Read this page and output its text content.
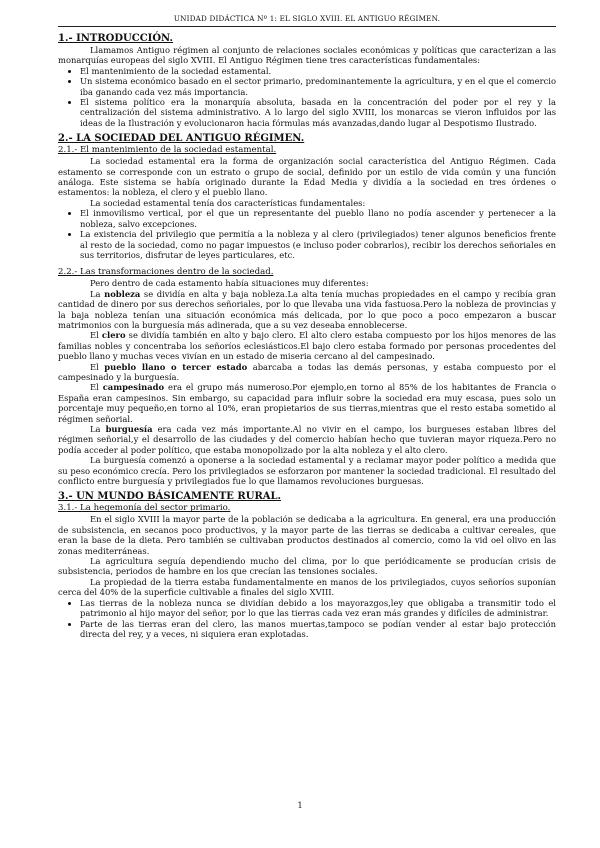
UNIDAD DIDÁCTICA Nº 1: EL SIGLO XVIII. EL ANTIGUO RÉGIMEN.
1.- INTRODUCCIÓN.

Llamamos Antiguo régimen al conjunto de relaciones sociales económicas y políticas que caracterizan a las monarquías europeas del siglo XVIII. El Antiguo Régimen tiene tres características fundamentales:

• El mantenimiento de la sociedad estamental.
• Un sistema económico basado en el sector primario, predominantemente la agricultura, y en el que el comercio iba ganando cada vez más importancia.
• El sistema político era la monarquía absoluta, basada en la concentración del poder por el rey y la centralización del sistema administrativo. A lo largo del siglo XVIII, los monarcas se vieron influidos por las ideas de la Ilustración y evolucionaron hacia fórmulas más avanzadas,dando lugar al Despotismo Ilustrado.
2.- LA SOCIEDAD DEL ANTIGUO RÉGIMEN.
2.1.- El mantenimiento de la sociedad estamental.

La sociedad estamental era la forma de organización social característica del Antiguo Régimen. Cada estamento se corresponde con un estrato o grupo de social, definido por un estilo de vida común y una función análoga. Este sistema se había originado durante la Edad Media y dividía a la sociedad en tres órdenes o estamentos: la nobleza, el clero y el pueblo llano.

La sociedad estamental tenía dos características fundamentales:

• El inmovilismo vertical, por el que un representante del pueblo llano no podía ascender y pertenecer a la nobleza, salvo excepciones.
• La existencia del privilegio que permitía a la nobleza y al clero (privilegiados) tener algunos beneficios frente al resto de la sociedad, como no pagar impuestos (e incluso poder cobrarlos), recibir los derechos señoriales en sus territorios, disfrutar de leyes particulares, etc.
2.2.- Las transformaciones dentro de la sociedad.

Pero dentro de cada estamento había situaciones muy diferentes:

La nobleza se dividía en alta y baja nobleza.La alta tenía muchas propiedades en el campo y recibía gran cantidad de dinero por sus derechos señoriales, por lo que llevaba una vida fastuosa.Pero la nobleza de provincias y la baja nobleza tenían una situación económica más delicada, por lo que poco a poco empezaron a buscar matrimonios con la burguesía más adinerada, que a su vez deseaba ennoblecerse.

El clero se dividía también en alto y bajo clero. El alto clero estaba compuesto por los hijos menores de las familias nobles y concentraba los señoríos eclesiásticos.El bajo clero estaba formado por personas procedentes del pueblo llano y muchas veces vivían en un estado de miseria cercano al del campesinado.

El pueblo llano o tercer estado abarcaba a todas las demás personas, y estaba compuesto por el campesinado y la burguesía.

El campesinado era el grupo más numeroso.Por ejemplo,en torno al 85% de los habitantes de Francia o España eran campesinos. Sin embargo, su capacidad para influir sobre la sociedad era muy escasa, pues solo un porcentaje muy pequeño,en torno al 10%, eran propietarios de sus tierras,mientras que el resto estaba sometido al régimen señorial.

La burguesía era cada vez más importante.Al no vivir en el campo, los burgueses estaban libres del régimen señorial,y el desarrollo de las ciudades y del comercio habían hecho que tuvieran mayor riqueza.Pero no podía acceder al poder político, que estaba monopolizado por la alta nobleza y el alto clero.

La burguesía comenzó a oponerse a la sociedad estamental y a reclamar mayor poder político a medida que su peso económico crecía. Pero los privilegiados se esforzaron por mantener la sociedad tradicional. El resultado del conflicto entre burguesía y privilegiados fue lo que llamamos revoluciones burguesas.

3.- UN MUNDO BÁSICAMENTE RURAL.
3.1.- La hegemonía del sector primario.

En el siglo XVIII la mayor parte de la población se dedicaba a la agricultura. En general, era una producción de subsistencia, en secanos poco productivos, y la mayor parte de las tierras se dedicaba a cultivar cereales, que eran la base de la dieta. Pero también se cultivaban productos destinados al comercio, como la vid oel olivo en las zonas mediterráneas.

La agricultura seguía dependiendo mucho del clima, por lo que periódicamente se producían crisis de subsistencia, periodos de hambre en los que crecían las tensiones sociales.

La propiedad de la tierra estaba fundamentalmente en manos de los privilegiados, cuyos señoríos suponían cerca del 40% de la superficie cultivable a finales del siglo XVIII.

• Las tierras de la nobleza nunca se dividían debido a los mayorazgos,ley que obligaba a transmitir todo el patrimonio al hijo mayor del señor, por lo que las tierras cada vez eran más grandes y difíciles de administrar.
• Parte de las tierras eran del clero, las manos muertas,tampoco se podían vender al estar bajo protección directa del rey, y a veces, ni siquiera eran explotadas.
1
